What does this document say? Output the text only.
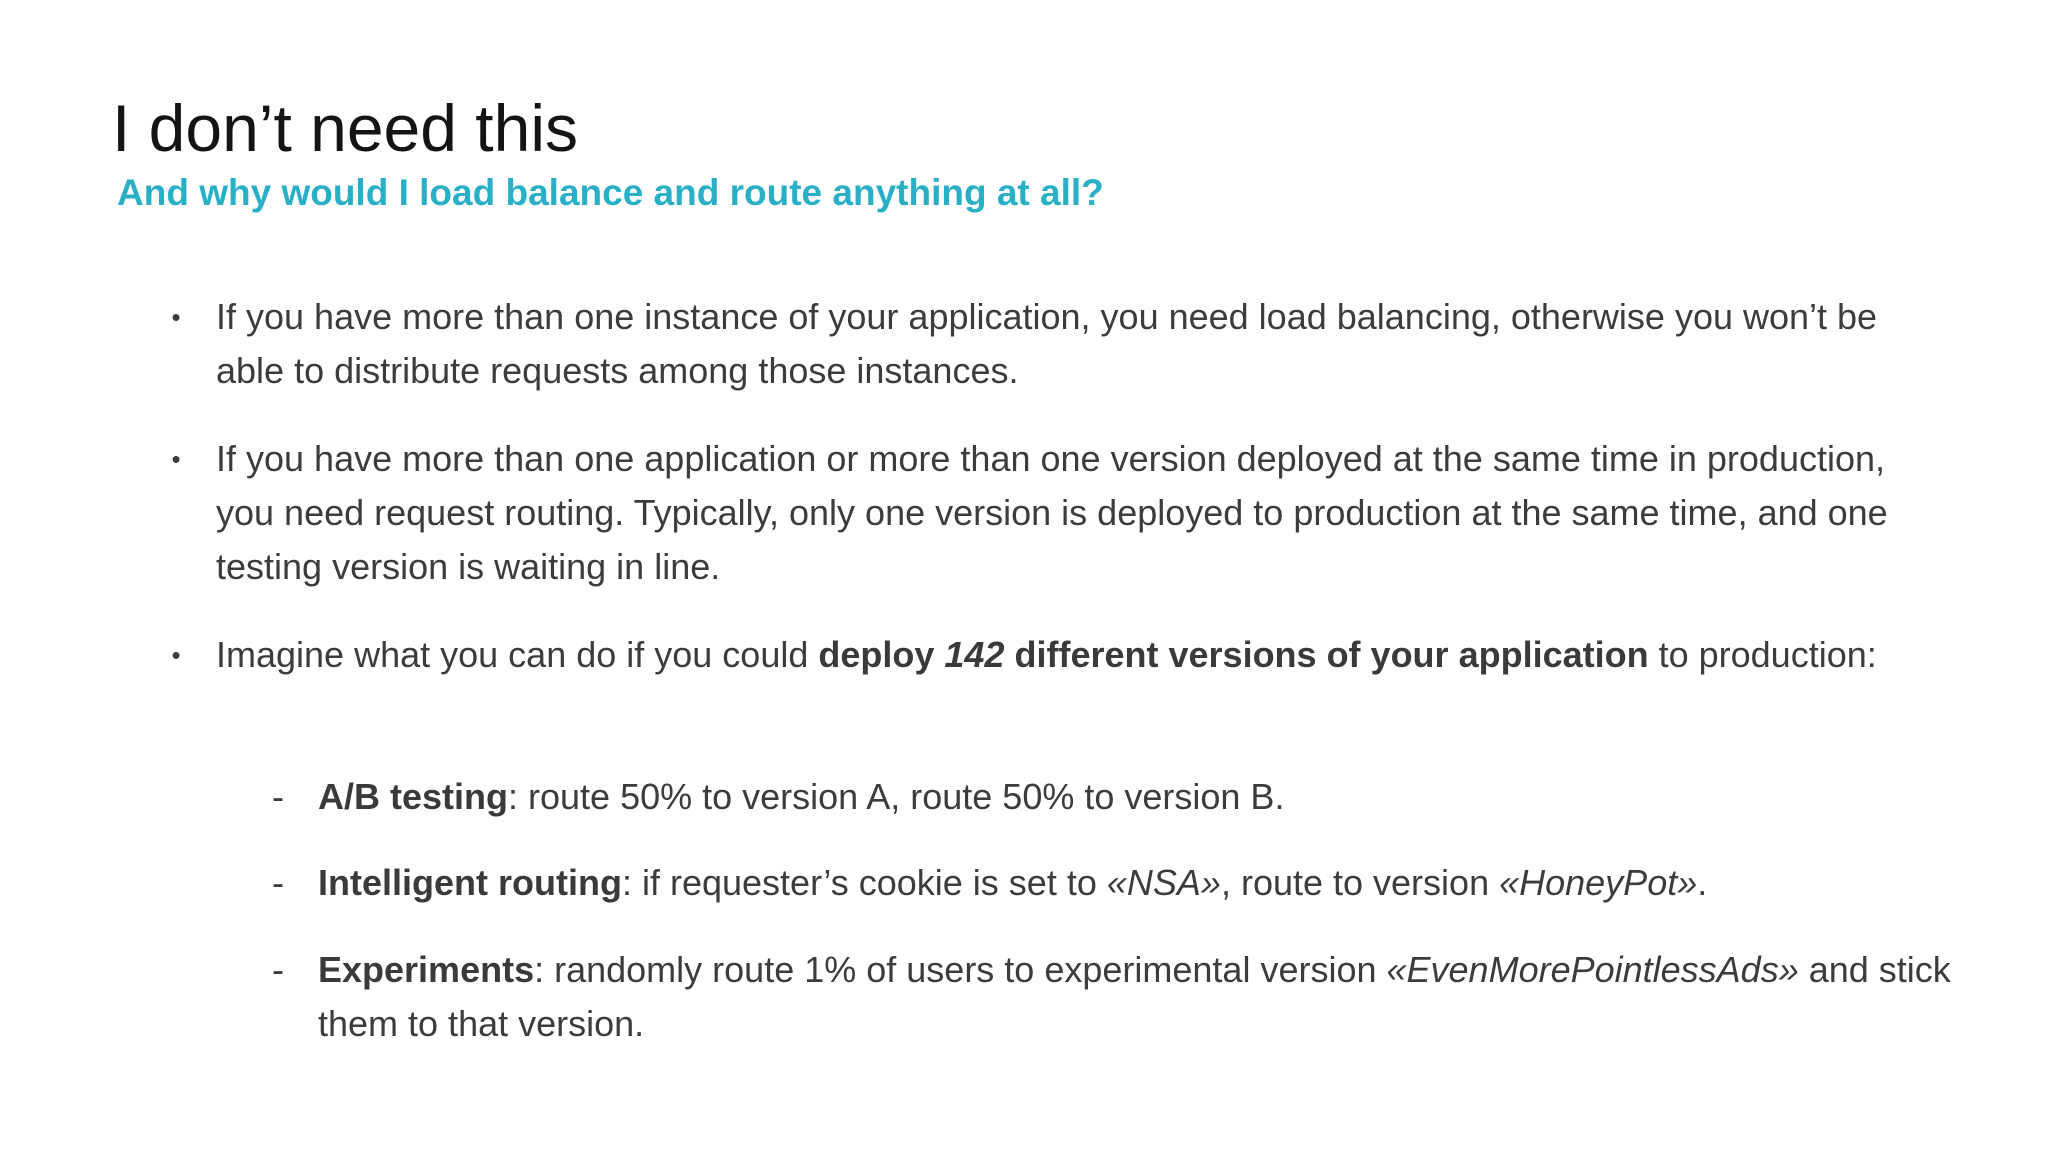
I don’t need this
And why would I load balance and route anything at all?
• If you have more than one instance of your application, you need load balancing, otherwise you won’t be able to distribute requests among those instances.
• If you have more than one application or more than one version deployed at the same time in production, you need request routing. Typically, only one version is deployed to production at the same time, and one testing version is waiting in line.
• Imagine what you can do if you could deploy 142 different versions of your application to production:
- A/B testing: route 50% to version A, route 50% to version B.
- Intelligent routing: if requester’s cookie is set to «NSA», route to version «HoneyPot».
- Experiments: randomly route 1% of users to experimental version «EvenMorePointlessAds» and stick them to that version.
